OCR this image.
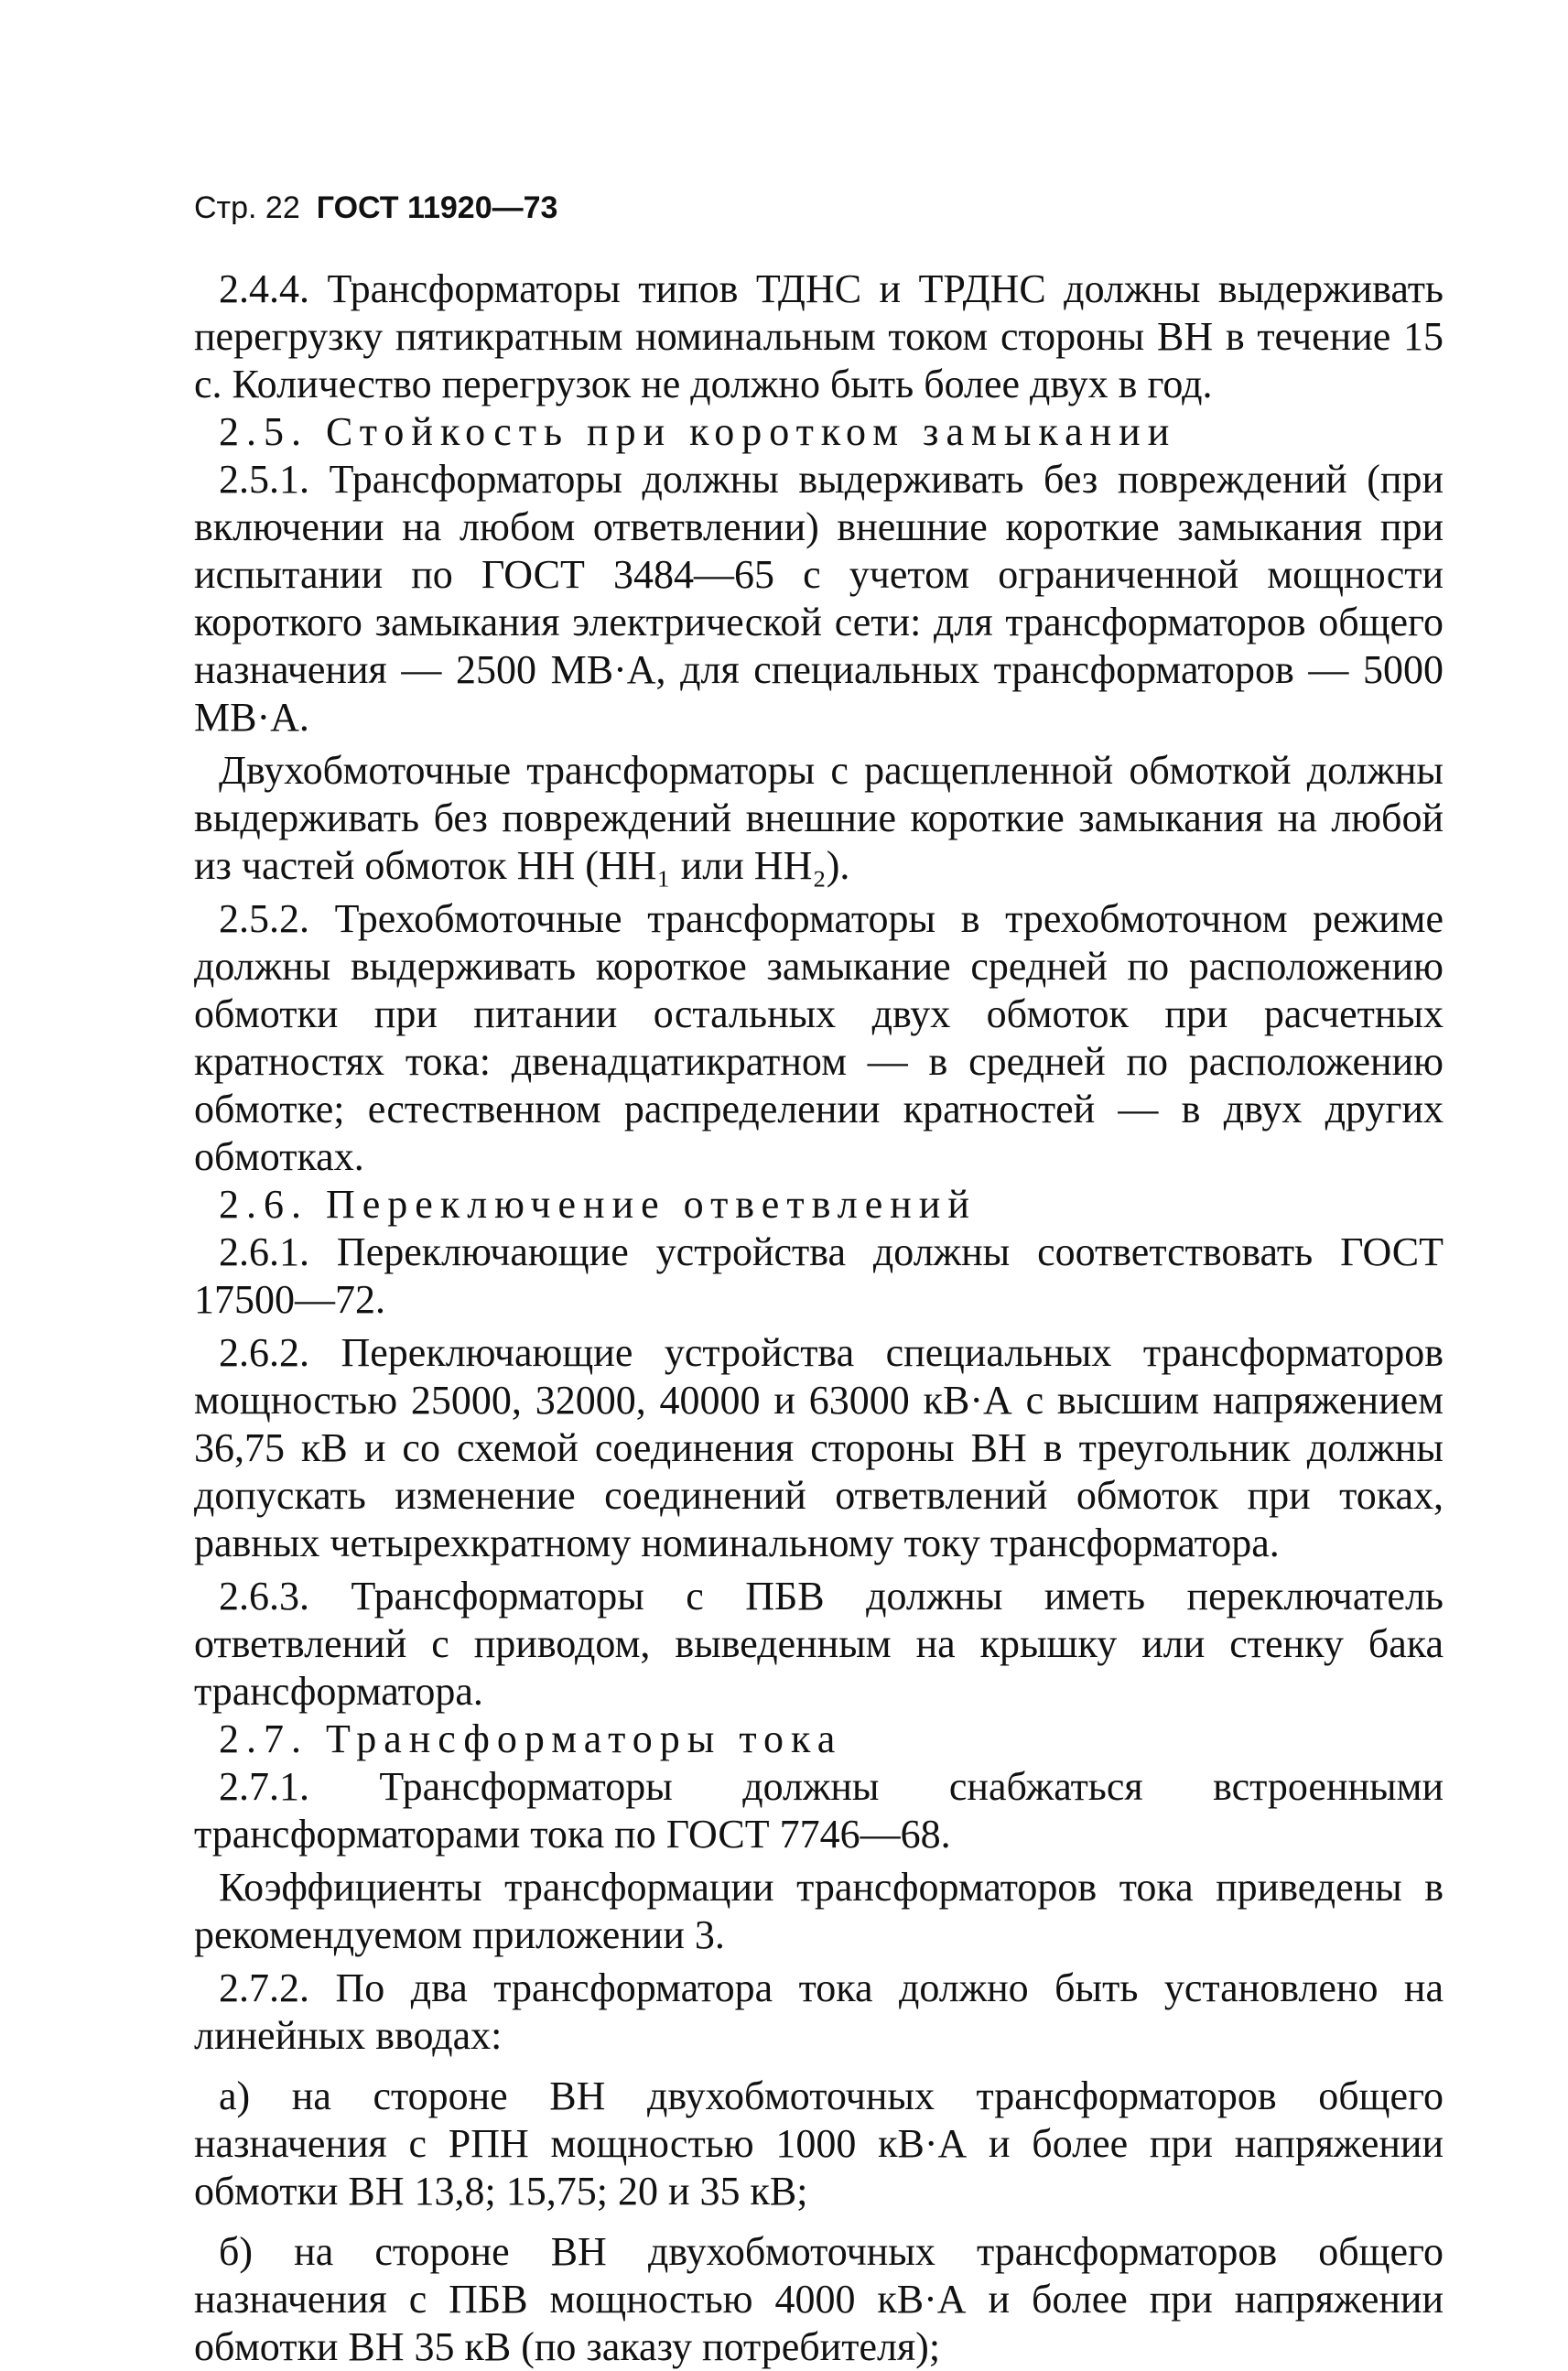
Стр. 22 ГОСТ 11920—73

2.4.4. Трансформаторы типов ТДНС и ТРДНС должны выдерживать перегрузку пятикратным номинальным током стороны ВН в течение 15 с. Количество перегрузок не должно быть более двух в год.

2.5. Стойкость при коротком замыкании

2.5.1. Трансформаторы должны выдерживать без повреждений (при включении на любом ответвлении) внешние короткие замыкания при испытании по ГОСТ 3484—65 с учетом ограниченной мощности короткого замыкания электрической сети: для трансформаторов общего назначения — 2500 МВ·А, для специальных трансформаторов — 5000 МВ·А.

Двухобмоточные трансформаторы с расщепленной обмоткой должны выдерживать без повреждений внешние короткие замыкания на любой из частей обмоток НН (НН₁ или НН₂).

2.5.2. Трехобмоточные трансформаторы в трехобмоточном режиме должны выдерживать короткое замыкание средней по расположению обмотки при питании остальных двух обмоток при расчетных кратностях тока: двенадцатикратном — в средней по расположению обмотке; естественном распределении кратностей — в двух других обмотках.

2.6. Переключение ответвлений

2.6.1. Переключающие устройства должны соответствовать ГОСТ 17500—72.

2.6.2. Переключающие устройства специальных трансформаторов мощностью 25000, 32000, 40000 и 63000 кВ·А с высшим напряжением 36,75 кВ и со схемой соединения стороны ВН в треугольник должны допускать изменение соединений ответвлений обмоток при токах, равных четырехкратному номинальному току трансформатора.

2.6.3. Трансформаторы с ПБВ должны иметь переключатель ответвлений с приводом, выведенным на крышку или стенку бака трансформатора.

2.7. Трансформаторы тока

2.7.1. Трансформаторы должны снабжаться встроенными трансформаторами тока по ГОСТ 7746—68.

Коэффициенты трансформации трансформаторов тока приведены в рекомендуемом приложении 3.

2.7.2. По два трансформатора тока должно быть установлено на линейных вводах:

а) на стороне ВН двухобмоточных трансформаторов общего назначения с РПН мощностью 1000 кВ·А и более при напряжении обмотки ВН 13,8; 15,75; 20 и 35 кВ;

б) на стороне ВН двухобмоточных трансформаторов общего назначения с ПБВ мощностью 4000 кВ·А и более при напряжении обмотки ВН 35 кВ (по заказу потребителя);
